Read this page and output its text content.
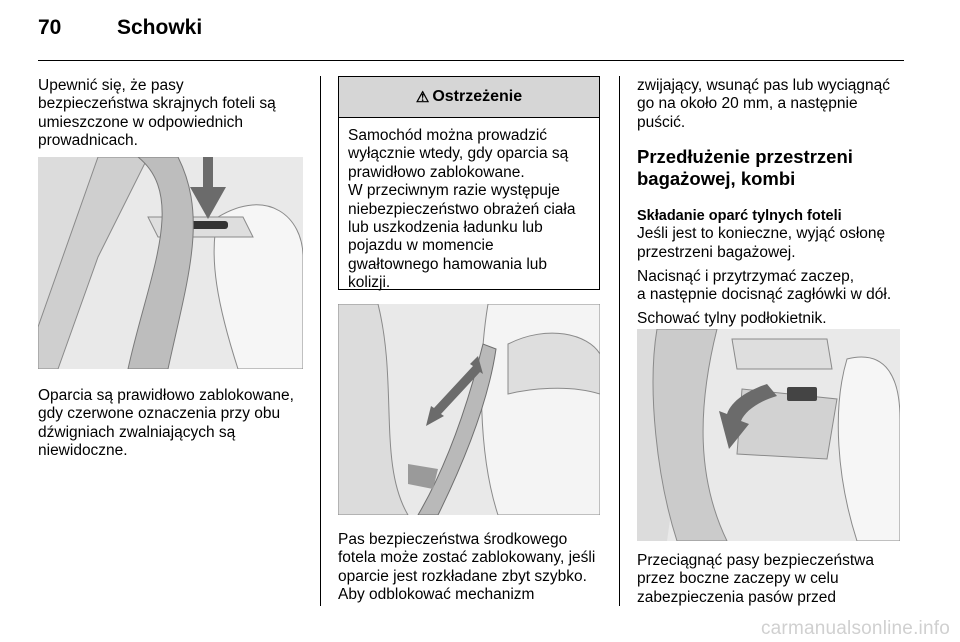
70	Schowki

Upewnić się, że pasy

bezpieczeństwa skrajnych foteli są

umieszczone w odpowiednich

prowadnicach.

Oparcia są prawidłowo zablokowane,

gdy czerwone oznaczenia przy obu

dźwigniach zwalniających są

niewidoczne.

⚠ Ostrzeżenie
Samochód można prowadzić
wyłącznie wtedy, gdy oparcia są
prawidłowo zablokowane.
W przeciwnym razie występuje
niebezpieczeństwo obrażeń ciała
lub uszkodzenia ładunku lub
pojazdu w momencie
gwałtownego hamowania lub
kolizji.

Pas bezpieczeństwa środkowego

fotela może zostać zablokowany, jeśli

oparcie jest rozkładane zbyt szybko.

Aby odblokować mechanizm

zwijający, wsunąć pas lub wyciągnąć

go na około 20 mm, a następnie

puścić.

Przedłużenie przestrzeni

bagażowej, kombi

Składanie oparć tylnych foteli

Jeśli jest to konieczne, wyjąć osłonę

przestrzeni bagażowej.

Nacisnąć i przytrzymać zaczep,

a następnie docisnąć zagłówki w dół.

Schować tylny podłokietnik.

Przeciągnąć pasy bezpieczeństwa

przez boczne zaczepy w celu

zabezpieczenia pasów przed

carmanualsonline.info
